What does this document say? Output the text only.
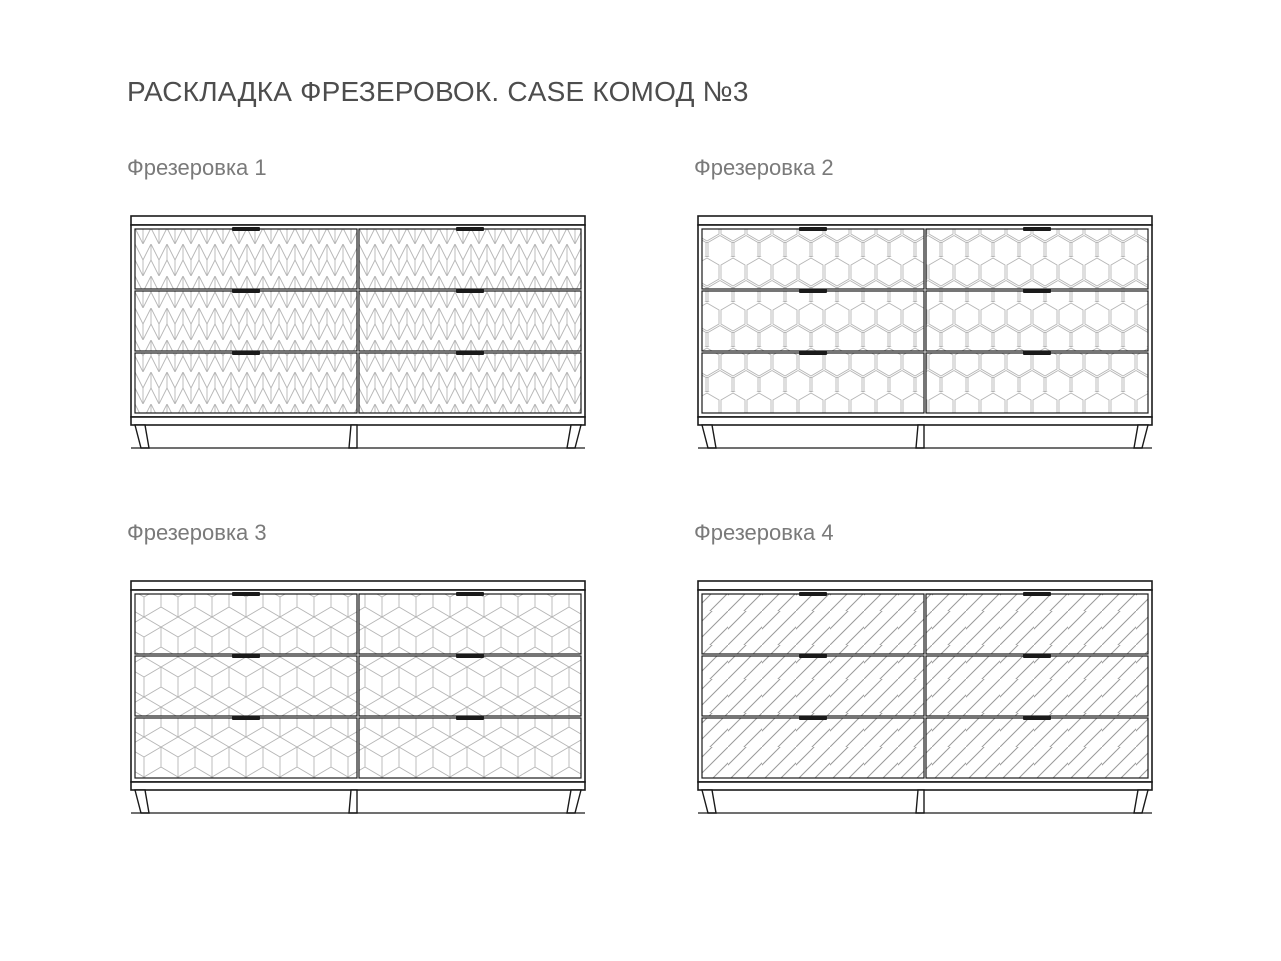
РАСКЛАДКА ФРЕЗЕРОВОК. CASE КОМОД №3
Фрезеровка 1	Фрезеровка 2
Фрезеровка 3	Фрезеровка 4
